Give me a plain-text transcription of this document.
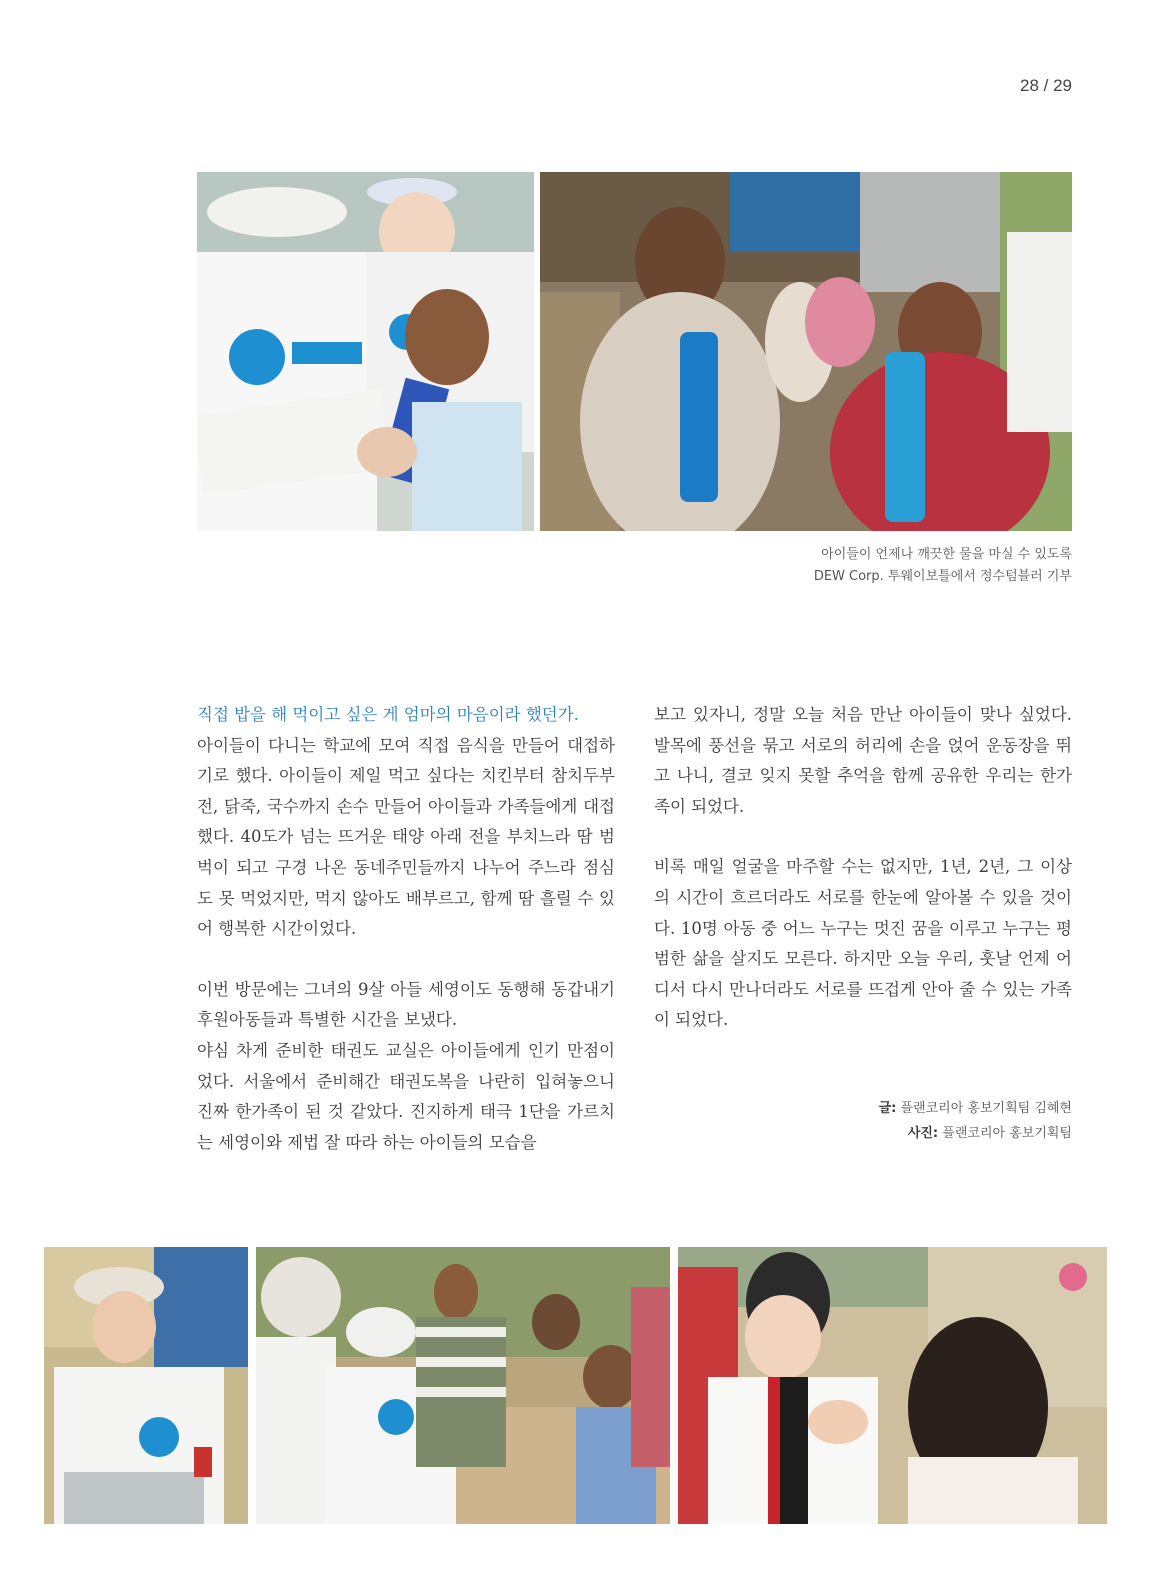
28 / 29
아이들이 언제나 깨끗한 물을 마실 수 있도록
DEW Corp. 투웨이보틀에서 정수텀블러 기부

직접 밥을 해 먹이고 싶은 게 엄마의 마음이라 했던가.

아이들이 다니는 학교에 모여 직접 음식을 만들어 대접하기로 했다. 아이들이 제일 먹고 싶다는 치킨부터 참치두부전, 닭죽, 국수까지 손수 만들어 아이들과 가족들에게 대접했다. 40도가 넘는 뜨거운 태양 아래 전을 부치느라 땀 범벅이 되고 구경 나온 동네주민들까지 나누어 주느라 점심도 못 먹었지만, 먹지 않아도 배부르고, 함께 땀 흘릴 수 있어 행복한 시간이었다.

이번 방문에는 그녀의 9살 아들 세영이도 동행해 동갑내기 후원아동들과 특별한 시간을 보냈다.

야심 차게 준비한 태권도 교실은 아이들에게 인기 만점이었다. 서울에서 준비해간 태권도복을 나란히 입혀놓으니 진짜 한가족이 된 것 같았다. 진지하게 태극 1단을 가르치는 세영이와 제법 잘 따라 하는 아이들의 모습을

보고 있자니, 정말 오늘 처음 만난 아이들이 맞나 싶었다. 발목에 풍선을 묶고 서로의 허리에 손을 얹어 운동장을 뛰고 나니, 결코 잊지 못할 추억을 함께 공유한 우리는 한가족이 되었다.

비록 매일 얼굴을 마주할 수는 없지만, 1년, 2년, 그 이상의 시간이 흐르더라도 서로를 한눈에 알아볼 수 있을 것이다. 10명 아동 중 어느 누구는 멋진 꿈을 이루고 누구는 평범한 삶을 살지도 모른다. 하지만 오늘 우리, 훗날 언제 어디서 다시 만나더라도 서로를 뜨겁게 안아 줄 수 있는 가족이 되었다.

글: 플랜코리아 홍보기획팀 김혜현
사진: 플랜코리아 홍보기획팀
